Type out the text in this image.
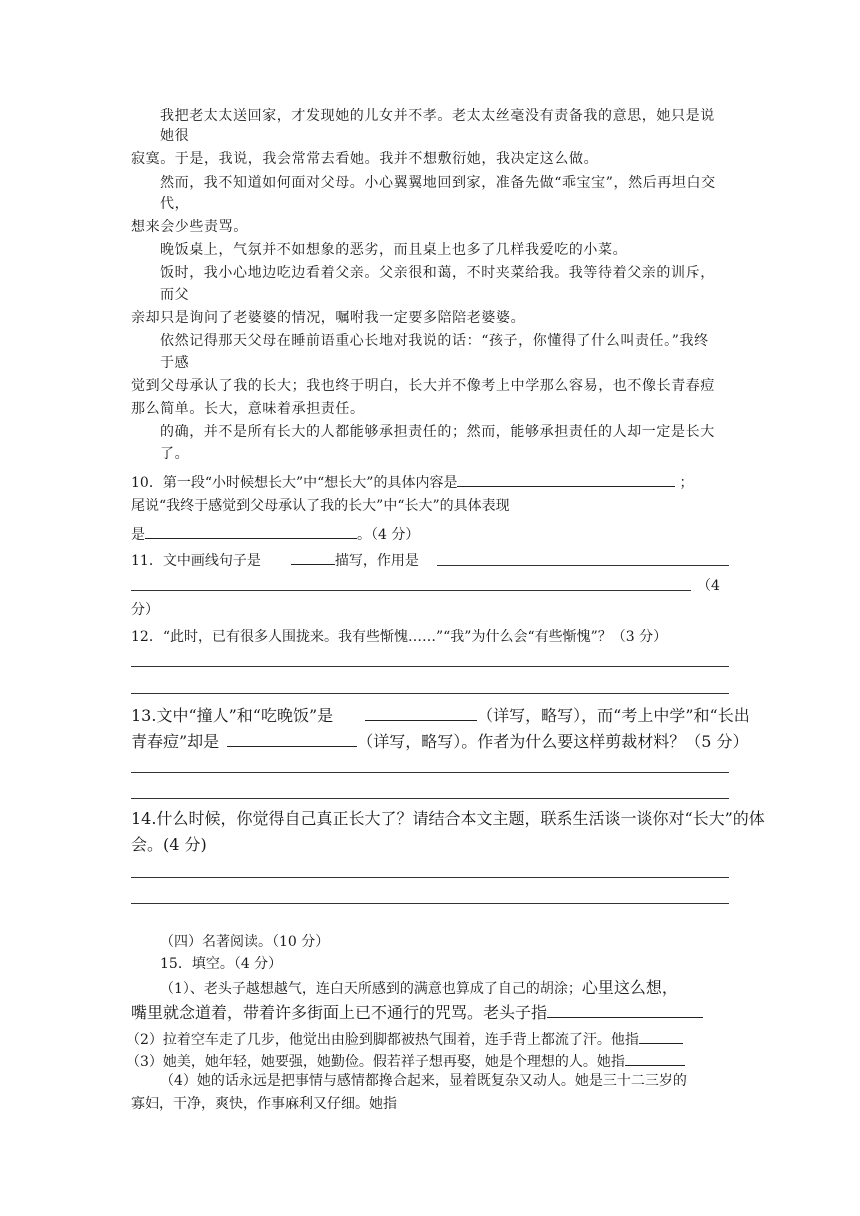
我把老太太送回家，才发现她的儿女并不孝。老太太丝毫没有责备我的意思，她只是说
她很
寂寞。于是，我说，我会常常去看她。我并不想敷衍她，我决定这么做。
然而，我不知道如何面对父母。小心翼翼地回到家，准备先做“乖宝宝”，然后再坦白交
代，
想来会少些责骂。
晚饭桌上，气氛并不如想象的恶劣，而且桌上也多了几样我爱吃的小菜。
饭时，我小心地边吃边看着父亲。父亲很和蔼，不时夹菜给我。我等待着父亲的训斥，
而父
亲却只是询问了老婆婆的情况，嘱咐我一定要多陪陪老婆婆。
依然记得那天父母在睡前语重心长地对我说的话：“孩子，你懂得了什么叫责任。”我终
于感
觉到父母承认了我的长大；我也终于明白，长大并不像考上中学那么容易，也不像长青春痘
那么简单。长大，意味着承担责任。
的确，并不是所有长大的人都能够承担责任的；然而，能够承担责任的人却一定是长大
了。
10．第一段“小时候想长大”中“想长大”的具体内容是	；
尾说“我终于感觉到父母承认了我的长大”中“长大”的具体表现
是	。（4 分）
11．文中画线句子是	描写，作用是
（4
分）
12．“此时，已有很多人围拢来。我有些惭愧……”“我”为什么会“有些惭愧”？（3 分）
13.文中“撞人”和“吃晚饭”是	（详写，略写），而“考上中学”和“长出
青春痘”却是	（详写，略写）。作者为什么要这样剪裁材料？（5 分）
14.什么时候，你觉得自己真正长大了？请结合本文主题，联系生活谈一谈你对“长大”的体
会。(4 分)
（四）名著阅读。（10 分）
15．填空。（4 分）
（1）、老头子越想越气，连白天所感到的满意也算成了自己的胡涂；心里这么想，
嘴里就念道着，带着许多街面上已不通行的咒骂。老头子指
（2）拉着空车走了几步，他觉出由脸到脚都被热气围着，连手背上都流了汗。他指
（3）她美，她年轻，她要强，她勤俭。假若祥子想再娶，她是个理想的人。她指
（4）她的话永远是把事情与感情都搀合起来，显着既复杂又动人。她是三十二三岁的
寡妇，干净，爽快，作事麻利又仔细。她指
